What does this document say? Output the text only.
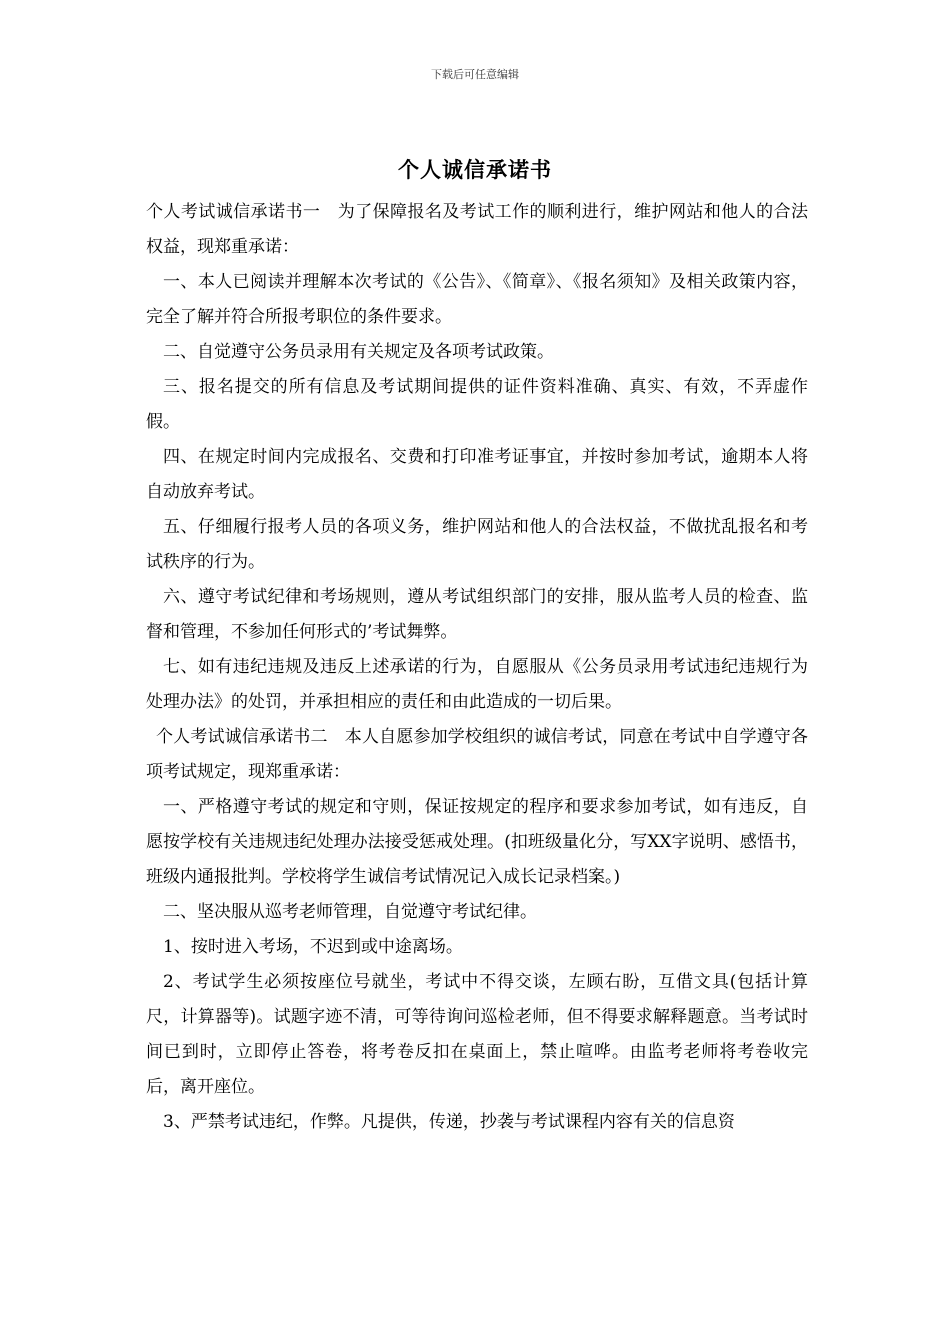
下载后可任意编辑
个人诚信承诺书

个人考试诚信承诺书一　为了保障报名及考试工作的顺利进行，维护网站和他人的合法权益，现郑重承诺：

一、本人已阅读并理解本次考试的《公告》、《简章》、《报名须知》及相关政策内容，完全了解并符合所报考职位的条件要求。

二、自觉遵守公务员录用有关规定及各项考试政策。

三、报名提交的所有信息及考试期间提供的证件资料准确、真实、有效，不弄虚作假。

四、在规定时间内完成报名、交费和打印准考证事宜，并按时参加考试，逾期本人将自动放弃考试。

五、仔细履行报考人员的各项义务，维护网站和他人的合法权益，不做扰乱报名和考试秩序的行为。

六、遵守考试纪律和考场规则，遵从考试组织部门的安排，服从监考人员的检查、监督和管理，不参加任何形式的’考试舞弊。

七、如有违纪违规及违反上述承诺的行为，自愿服从《公务员录用考试违纪违规行为处理办法》的处罚，并承担相应的责任和由此造成的一切后果。

个人考试诚信承诺书二　本人自愿参加学校组织的诚信考试，同意在考试中自学遵守各项考试规定，现郑重承诺：

一、严格遵守考试的规定和守则，保证按规定的程序和要求参加考试，如有违反，自愿按学校有关违规违纪处理办法接受惩戒处理。(扣班级量化分，写XX字说明、感悟书，班级内通报批判。学校将学生诚信考试情况记入成长记录档案。)

二、坚决服从巡考老师管理，自觉遵守考试纪律。

1、按时进入考场，不迟到或中途离场。

2、考试学生必须按座位号就坐，考试中不得交谈，左顾右盼，互借文具(包括计算尺，计算器等)。试题字迹不清，可等待询问巡检老师，但不得要求解释题意。当考试时间已到时，立即停止答卷，将考卷反扣在桌面上，禁止喧哗。由监考老师将考卷收完后，离开座位。

3、严禁考试违纪，作弊。凡提供，传递，抄袭与考试课程内容有关的信息资
